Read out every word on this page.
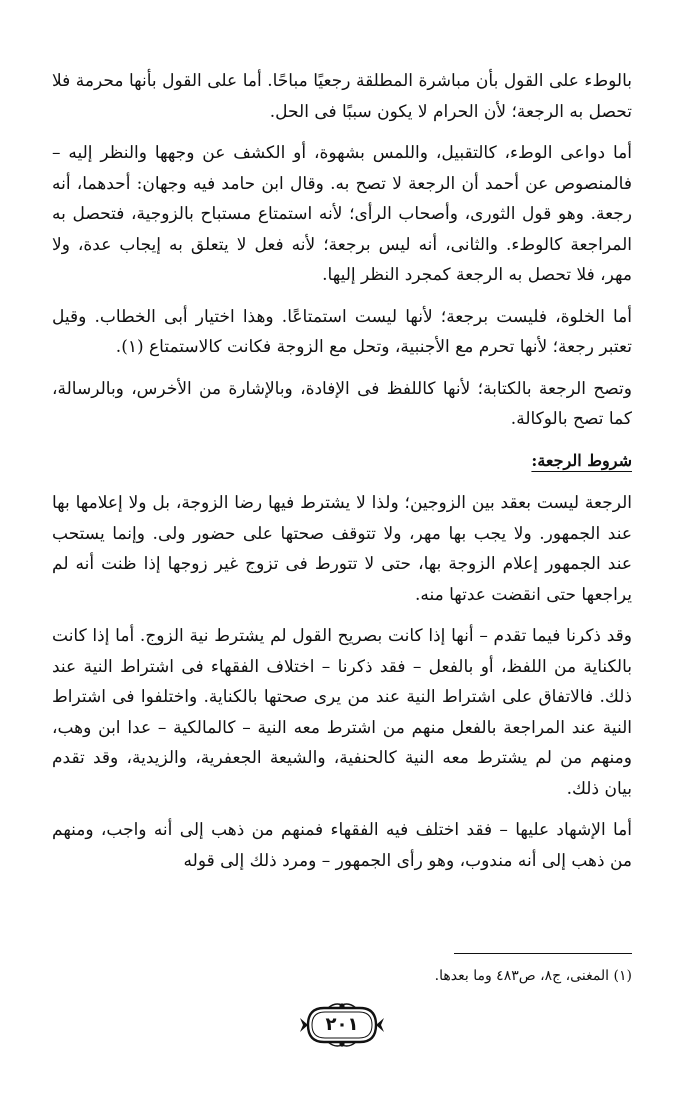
بالوطء على القول بأن مباشرة المطلقة رجعيًا مباحًا. أما على القول بأنها محرمة فلا تحصل به الرجعة؛ لأن الحرام لا يكون سببًا فى الحل.

أما دواعى الوطء، كالتقبيل، واللمس بشهوة، أو الكشف عن وجهها والنظر إليه – فالمنصوص عن أحمد أن الرجعة لا تصح به. وقال ابن حامد فيه وجهان: أحدهما، أنه رجعة. وهو قول الثورى، وأصحاب الرأى؛ لأنه استمتاع مستباح بالزوجية، فتحصل به المراجعة كالوطء. والثانى، أنه ليس برجعة؛ لأنه فعل لا يتعلق به إيجاب عدة، ولا مهر، فلا تحصل به الرجعة كمجرد النظر إليها.

أما الخلوة، فليست برجعة؛ لأنها ليست استمتاعًا. وهذا اختيار أبى الخطاب. وقيل تعتبر رجعة؛ لأنها تحرم مع الأجنبية، وتحل مع الزوجة فكانت كالاستمتاع (١).

وتصح الرجعة بالكتابة؛ لأنها كاللفظ فى الإفادة، وبالإشارة من الأخرس، وبالرسالة، كما تصح بالوكالة.

شروط الرجعة:

الرجعة ليست بعقد بين الزوجين؛ ولذا لا يشترط فيها رضا الزوجة، بل ولا إعلامها بها عند الجمهور. ولا يجب بها مهر، ولا تتوقف صحتها على حضور ولى. وإنما يستحب عند الجمهور إعلام الزوجة بها، حتى لا تتورط فى تزوج غير زوجها إذا ظنت أنه لم يراجعها حتى انقضت عدتها منه.

وقد ذكرنا فيما تقدم – أنها إذا كانت بصريح القول لم يشترط نية الزوج. أما إذا كانت بالكناية من اللفظ، أو بالفعل – فقد ذكرنا – اختلاف الفقهاء فى اشتراط النية عند ذلك. فالاتفاق على اشتراط النية عند من يرى صحتها بالكناية. واختلفوا فى اشتراط النية عند المراجعة بالفعل منهم من اشترط معه النية – كالمالكية – عدا ابن وهب، ومنهم من لم يشترط معه النية كالحنفية، والشيعة الجعفرية، والزيدية، وقد تقدم بيان ذلك.

أما الإشهاد عليها – فقد اختلف فيه الفقهاء فمنهم من ذهب إلى أنه واجب، ومنهم من ذهب إلى أنه مندوب، وهو رأى الجمهور – ومرد ذلك إلى قوله

(١) المغنى، ج٨، ص٤٨٣ وما بعدها.
٢٠١
